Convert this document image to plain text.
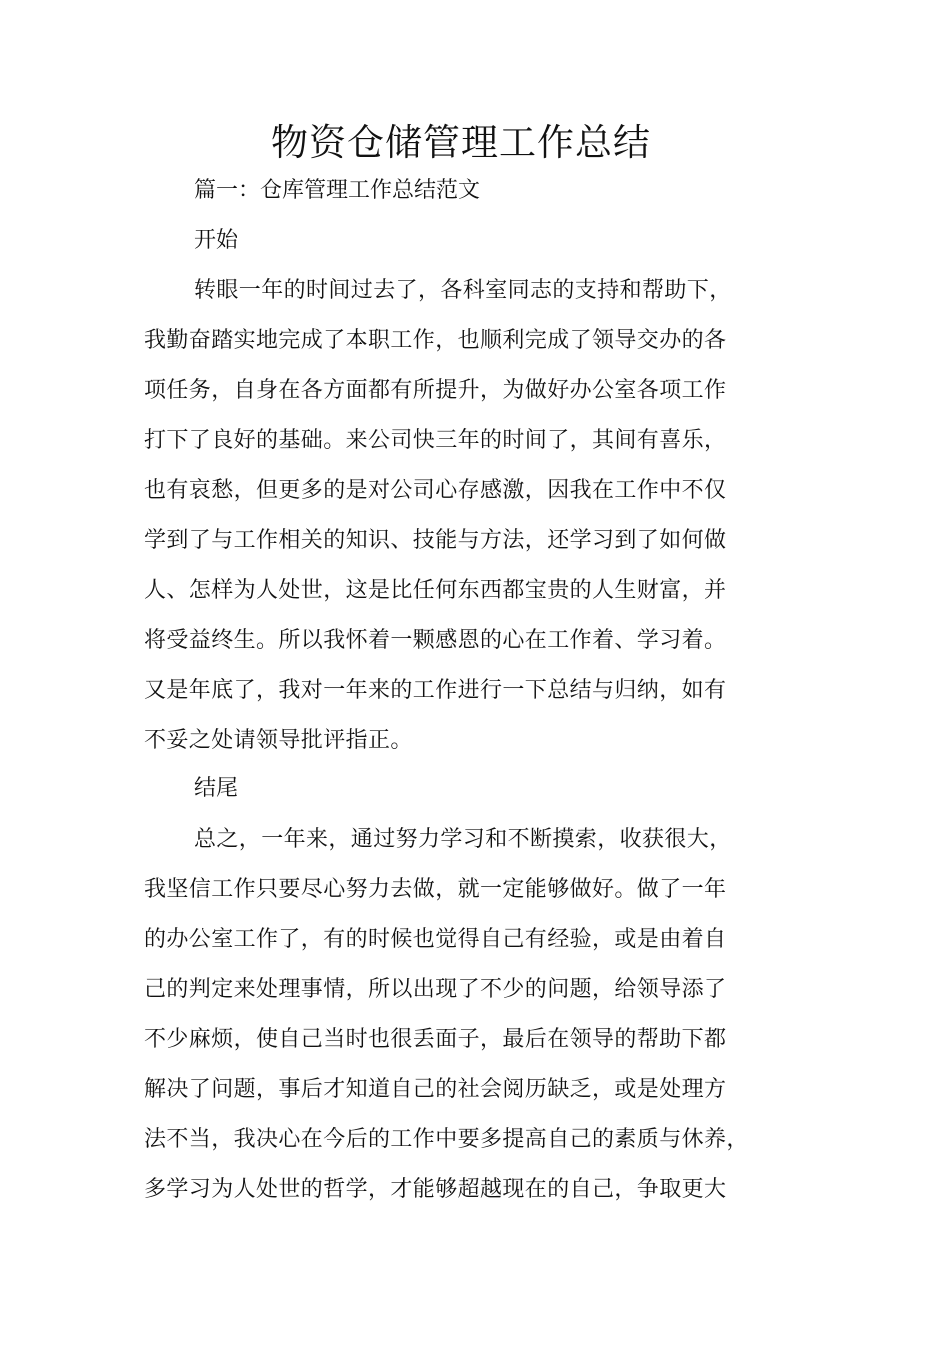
物资仓储管理工作总结

篇一：仓库管理工作总结范文

开始

转眼一年的时间过去了，各科室同志的支持和帮助下，
我勤奋踏实地完成了本职工作，也顺利完成了领导交办的各
项任务，自身在各方面都有所提升，为做好办公室各项工作
打下了良好的基础。来公司快三年的时间了，其间有喜乐，
也有哀愁，但更多的是对公司心存感激，因我在工作中不仅
学到了与工作相关的知识、技能与方法，还学习到了如何做
人、怎样为人处世，这是比任何东西都宝贵的人生财富，并
将受益终生。所以我怀着一颗感恩的心在工作着、学习着。
又是年底了，我对一年来的工作进行一下总结与归纳，如有
不妥之处请领导批评指正。

结尾

总之，一年来，通过努力学习和不断摸索，收获很大，
我坚信工作只要尽心努力去做，就一定能够做好。做了一年
的办公室工作了，有的时候也觉得自己有经验，或是由着自
己的判定来处理事情，所以出现了不少的问题，给领导添了
不少麻烦，使自己当时也很丢面子，最后在领导的帮助下都
解决了问题，事后才知道自己的社会阅历缺乏，或是处理方
法不当，我决心在今后的工作中要多提高自己的素质与休养，
多学习为人处世的哲学，才能够超越现在的自己，争取更大
